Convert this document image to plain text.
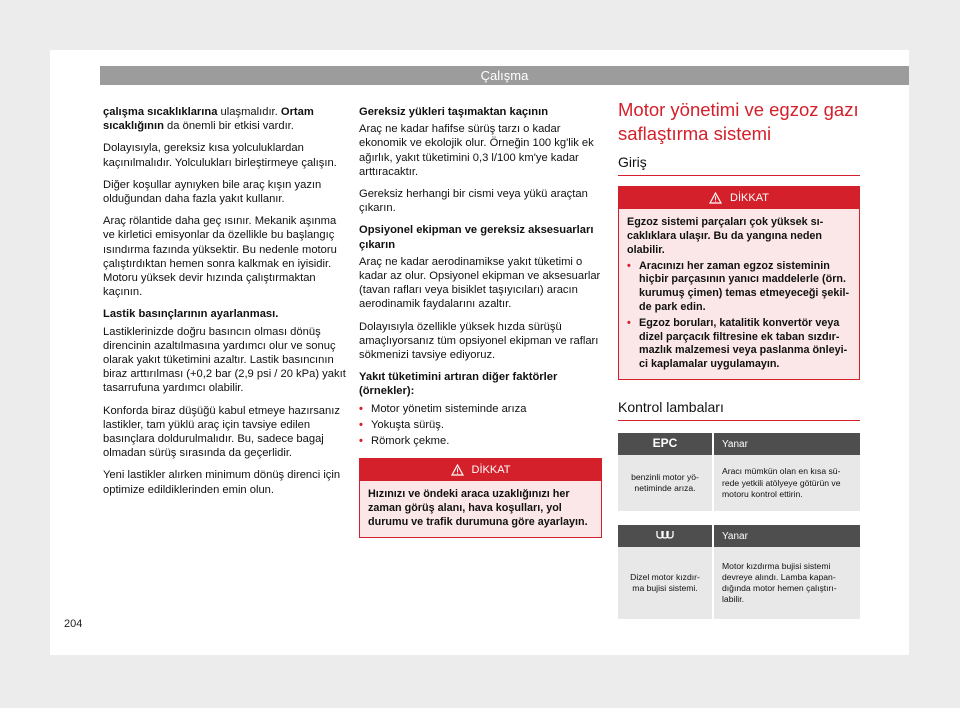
Çalışma

çalışma sıcaklıklarına ulaşmalıdır. Ortam sıcaklığının da önemli bir etkisi vardır.

Dolayısıyla, gereksiz kısa yolculuklardan kaçınılmalıdır. Yolculukları birleştirmeye çalışın.

Diğer koşullar aynıyken bile araç kışın yazın olduğundan daha fazla yakıt kullanır.

Araç rölantide daha geç ısınır. Mekanik aşınma ve kirletici emisyonlar da özellikle bu başlangıç ısındırma fazında yüksektir. Bu nedenle motoru çalıştırdıktan hemen sonra kalkmak en iyisidir. Motoru yüksek devir hızında çalıştırmaktan kaçının.

Lastik basınçlarının ayarlanması.

Lastiklerinizde doğru basıncın olması dönüş direncinin azaltılmasına yardımcı olur ve sonuç olarak yakıt tüketimini azaltır. Lastik basıncının biraz arttırılması (+0,2 bar (2,9 psi / 20 kPa) yakıt tasarrufuna yardımcı olabilir.

Konforda biraz düşüğü kabul etmeye hazırsanız lastikler, tam yüklü araç için tavsiye edilen basınçlara doldurulmalıdır. Bu, sadece bagaj olmadan sürüş sırasında da geçerlidir.

Yeni lastikler alırken minimum dönüş direnci için optimize edildiklerinden emin olun.

Gereksiz yükleri taşımaktan kaçının

Araç ne kadar hafifse sürüş tarzı o kadar ekonomik ve ekolojik olur. Örneğin 100 kg'lik ek ağırlık, yakıt tüketimini 0,3 l/100 km'ye kadar arttıracaktır.

Gereksiz herhangi bir cismi veya yükü araçtan çıkarın.

Opsiyonel ekipman ve gereksiz aksesuarları çıkarın

Araç ne kadar aerodinamikse yakıt tüketimi o kadar az olur. Opsiyonel ekipman ve aksesuarlar (tavan rafları veya bisiklet taşıyıcıları) aracın aerodinamik faydalarını azaltır.

Dolayısıyla özellikle yüksek hızda sürüşü amaçlıyorsanız tüm opsiyonel ekipman ve rafları sökmenizi tavsiye ediyoruz.

Yakıt tüketimini artıran diğer faktörler (örnekler):
• Motor yönetim sisteminde arıza
• Yokuşta sürüş.
• Römork çekme.
DİKKAT

Hızınızı ve öndeki araca uzaklığınızı her zaman görüş alanı, hava koşulları, yol durumu ve trafik durumuna göre ayarlayın.

Motor yönetimi ve egzoz gazı saflaştırma sistemi
Giriş
DİKKAT

Egzoz sistemi parçaları çok yüksek sıcaklıklara ulaşır. Bu da yangına neden olabilir.

• Aracınızı her zaman egzoz sisteminin hiçbir parçasının yanıcı maddelerle (örn. kurumuş çimen) temas etmeyeceği şekilde park edin.
• Egzoz boruları, katalitik konvertör veya dizel parçacık filtresine ek taban sızdırmazlık malzemesi veya paslanma önleyici kaplamalar uygulamayın.
Kontrol lambaları
EPC	Yanar
benzinli motor yönetiminde arıza.	Aracı mümkün olan en kısa sürede yetkili atölyeye götürün ve motoru kontrol ettirin.
	Yanar
Dizel motor kızdırma bujisi sistemi.	Motor kızdırma bujisi sistemi devreye alındı. Lamba kapandığında motor hemen çalıştırılabilir.
204
